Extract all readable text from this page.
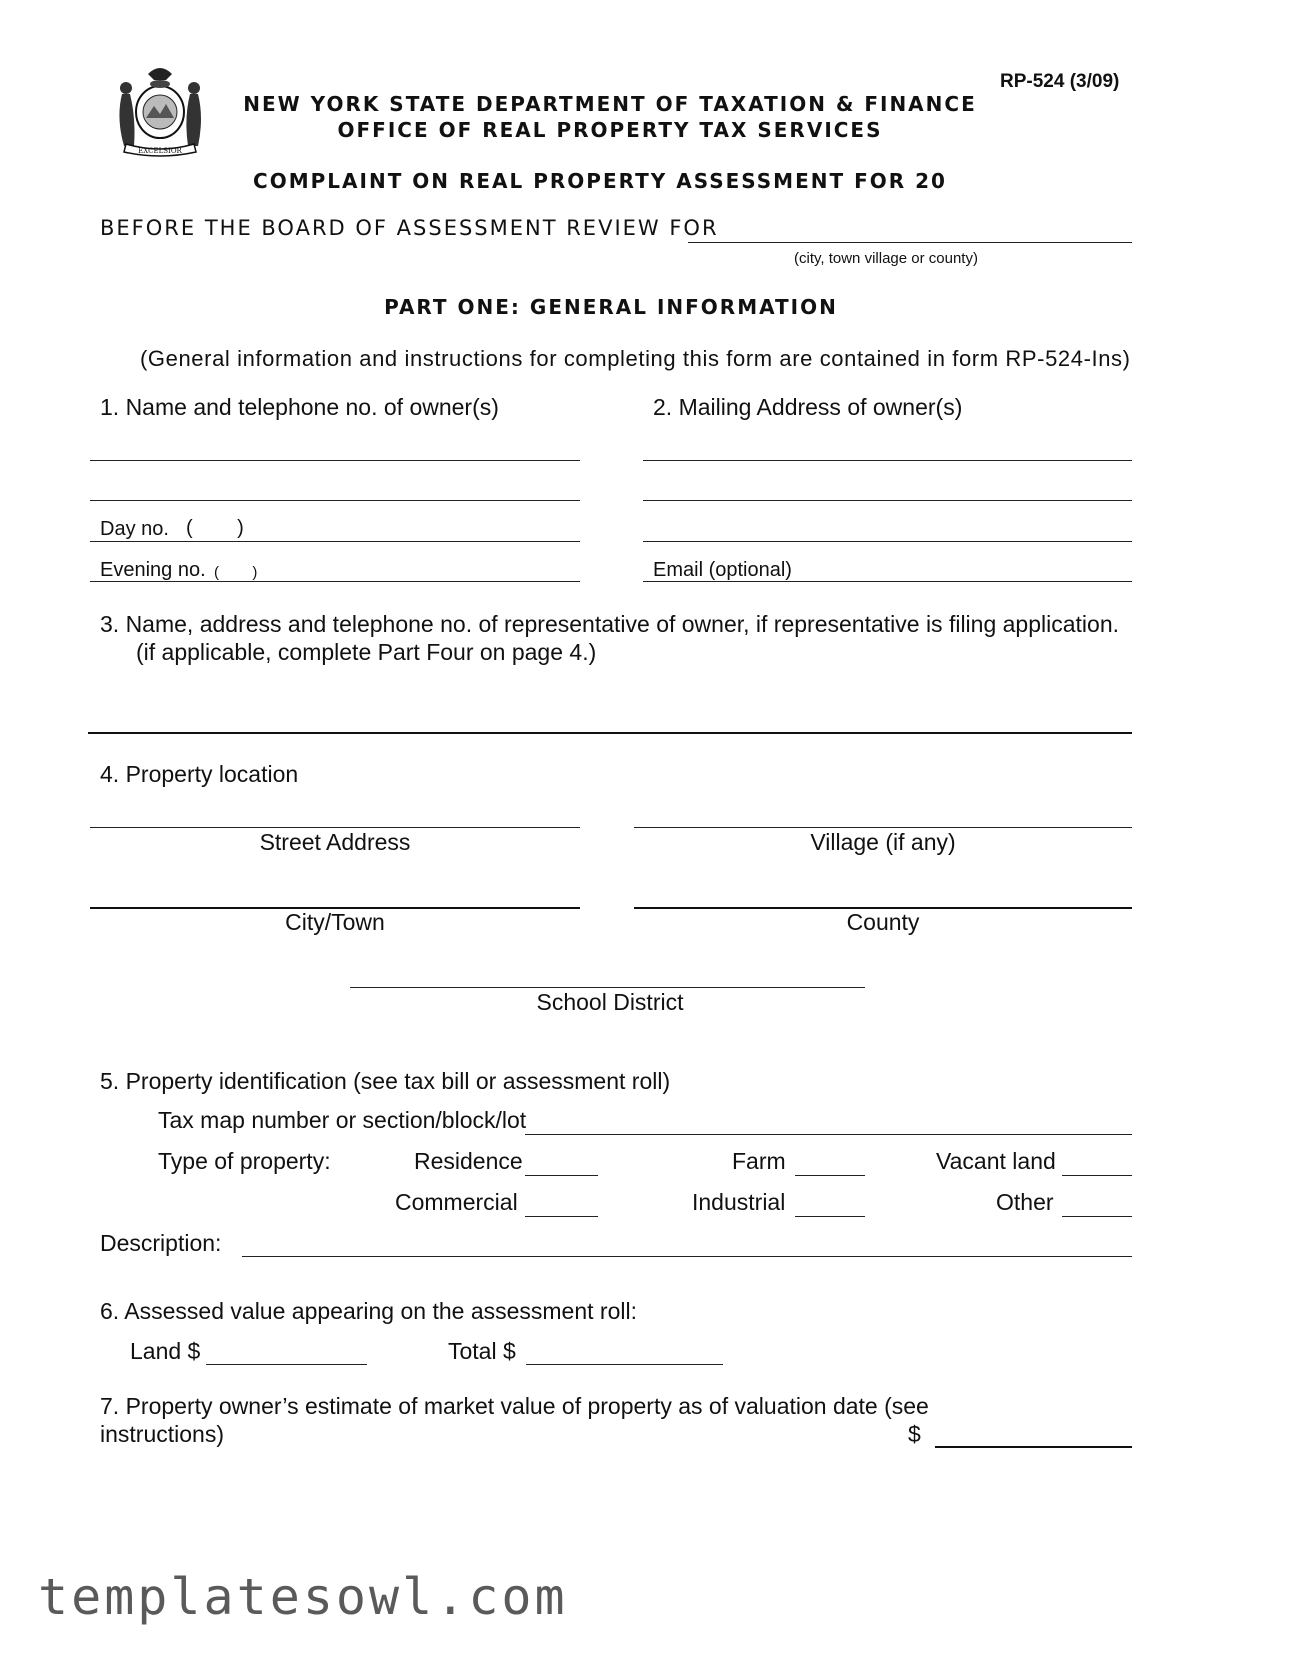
EXCELSIOR
RP-524 (3/09)
NEW YORK STATE DEPARTMENT OF TAXATION & FINANCE
OFFICE OF REAL PROPERTY TAX SERVICES
COMPLAINT ON REAL PROPERTY ASSESSMENT FOR 20
BEFORE THE BOARD OF ASSESSMENT REVIEW FOR
(city, town village or county)
PART ONE: GENERAL INFORMATION
(General information and instructions for completing this form are contained in form RP-524-Ins)
1. Name and telephone no. of owner(s)	2. Mailing Address of owner(s)
Day no. (        )
Evening no. (        )	Email (optional)
3. Name, address and telephone no. of representative of owner, if representative is filing application.
(if applicable, complete Part Four on page 4.)
4. Property location
Street Address	Village (if any)
City/Town	County
School District
5. Property identification (see tax bill or assessment roll)
Tax map number or section/block/lot
Type of property:	Residence	Farm	Vacant land
Commercial	Industrial	Other
Description:
6. Assessed value appearing on the assessment roll:
Land $	Total $
7. Property owner’s estimate of market value of property as of valuation date (see
instructions)	$
templatesowl.com
